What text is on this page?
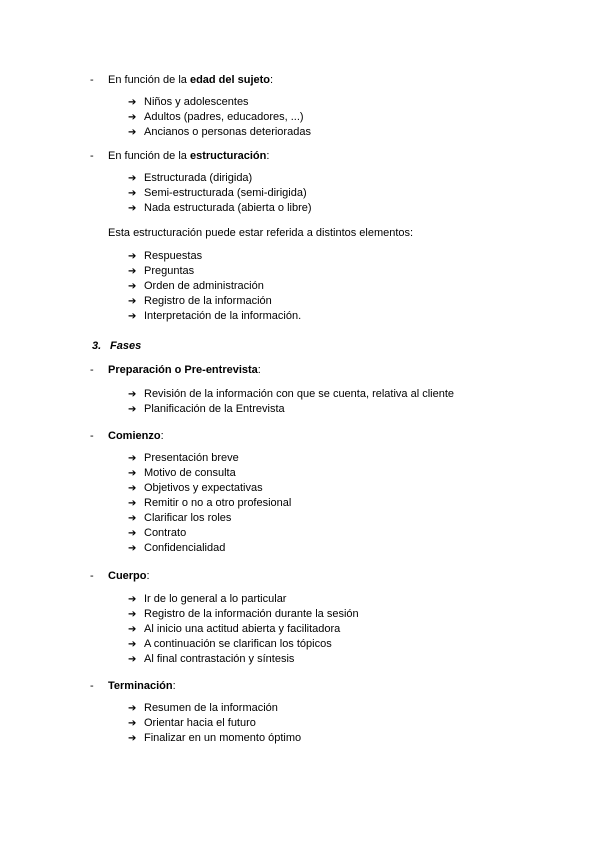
- En función de la edad del sujeto:
➔ Niños y adolescentes
➔ Adultos (padres, educadores, ...)
➔ Ancianos o personas deterioradas
- En función de la estructuración:
➔ Estructurada (dirigida)
➔ Semi-estructurada (semi-dirigida)
➔ Nada estructurada (abierta o libre)
Esta estructuración puede estar referida a distintos elementos:
➔ Respuestas
➔ Preguntas
➔ Orden de administración
➔ Registro de la información
➔ Interpretación de la información.
3. Fases
- Preparación o Pre-entrevista:
➔ Revisión de la información con que se cuenta, relativa al cliente
➔ Planificación de la Entrevista
- Comienzo:
➔ Presentación breve
➔ Motivo de consulta
➔ Objetivos y expectativas
➔ Remitir o no a otro profesional
➔ Clarificar los roles
➔ Contrato
➔ Confidencialidad
- Cuerpo:
➔ Ir de lo general a lo particular
➔ Registro de la información durante la sesión
➔ Al inicio una actitud abierta y facilitadora
➔ A continuación se clarifican los tópicos
➔ Al final contrastación y síntesis
- Terminación:
➔ Resumen de la información
➔ Orientar hacia el futuro
➔ Finalizar en un momento óptimo
